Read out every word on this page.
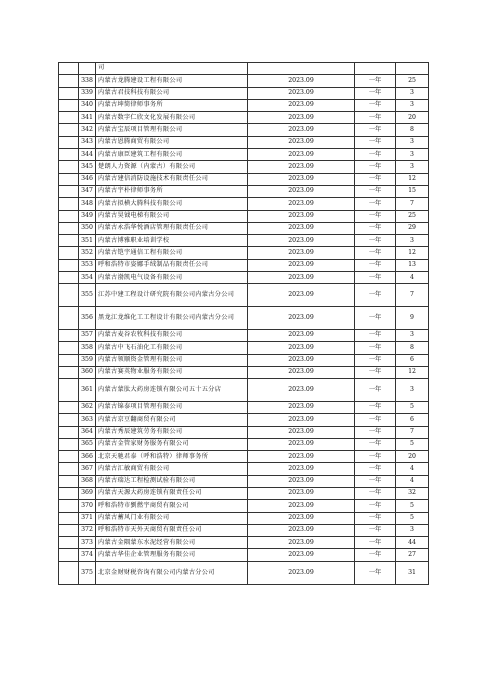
		司			
	338	内蒙古龙腾建设工程有限公司	2023.09	一年	25
	339	内蒙古君技科技有限公司	2023.09	一年	3
	340	内蒙古坤简律师事务所	2023.09	一年	3
	341	内蒙古数字仁欣文化发展有限公司	2023.09	一年	20
	342	内蒙古宝辰项目管理有限公司	2023.09	一年	8
	343	内蒙古恩腾商贸有限公司	2023.09	一年	3
	344	内蒙古康臣建筑工程有限公司	2023.09	一年	3
	345	楚朗人力资源（内蒙古）有限公司	2023.09	一年	3
	346	内蒙古建信消防设施技术有限责任公司	2023.09	一年	12
	347	内蒙古宇朴律师事务所	2023.09	一年	15
	348	内蒙古拟横大腾科技有限公司	2023.09	一年	7
	349	内蒙古昊钺电梯有限公司	2023.09	一年	25
	350	内蒙古永浩华悦酒店管理有限责任公司	2023.09	一年	29
	351	内蒙古博雅职业培训学校	2023.09	一年	3
	352	内蒙古铠宇通信工程有限公司	2023.09	一年	12
	353	呼和浩特市姿娜手绒制品有限责任公司	2023.09	一年	13
	354	内蒙古渤凯电气设备有限公司	2023.09	一年	4
	355	江苏中建工程设计研究院有限公司内蒙古分公司	2023.09	一年	7
	356	黑龙江龙维化工工程设计有限公司内蒙古分公司	2023.09	一年	9
	357	内蒙古麦谷农牧科技有限公司	2023.09	一年	3
	358	内蒙古中飞石油化工有限公司	2023.09	一年	8
	359	内蒙古领顺资金管理有限公司	2023.09	一年	6
	360	内蒙古赛英物业服务有限公司	2023.09	一年	12
	361	内蒙古蒙肽大药房连锁有限公司五十五分店	2023.09	一年	3
	362	内蒙古锦泰项目管理有限公司	2023.09	一年	5
	363	内蒙古京豆翻商贸有限公司	2023.09	一年	6
	364	内蒙古秀辰建筑劳务有限公司	2023.09	一年	7
	365	内蒙古金管家财务服务有限公司	2023.09	一年	5
	366	北京天驰君泰（呼和浩特）律师事务所	2023.09	一年	20
	367	内蒙古汇敏商贸有限公司	2023.09	一年	4
	368	内蒙古瑞达工程检测试验有限公司	2023.09	一年	4
	369	内蒙古天源大药房连锁有限责任公司	2023.09	一年	32
	370	呼和浩特市劉燃宇商贸有限公司	2023.09	一年	5
	371	内蒙古蓄风门业有限公司	2023.09	一年	5
	372	呼和浩特市天外天商贸有限责任公司	2023.09	一年	3
	373	内蒙古金隅蒙东水泥经营有限公司	2023.09	一年	44
	374	内蒙古华佳企业管理服务有限公司	2023.09	一年	27
	375	北京金财财税咨询有限公司内蒙古分公司	2023.09	一年	31
